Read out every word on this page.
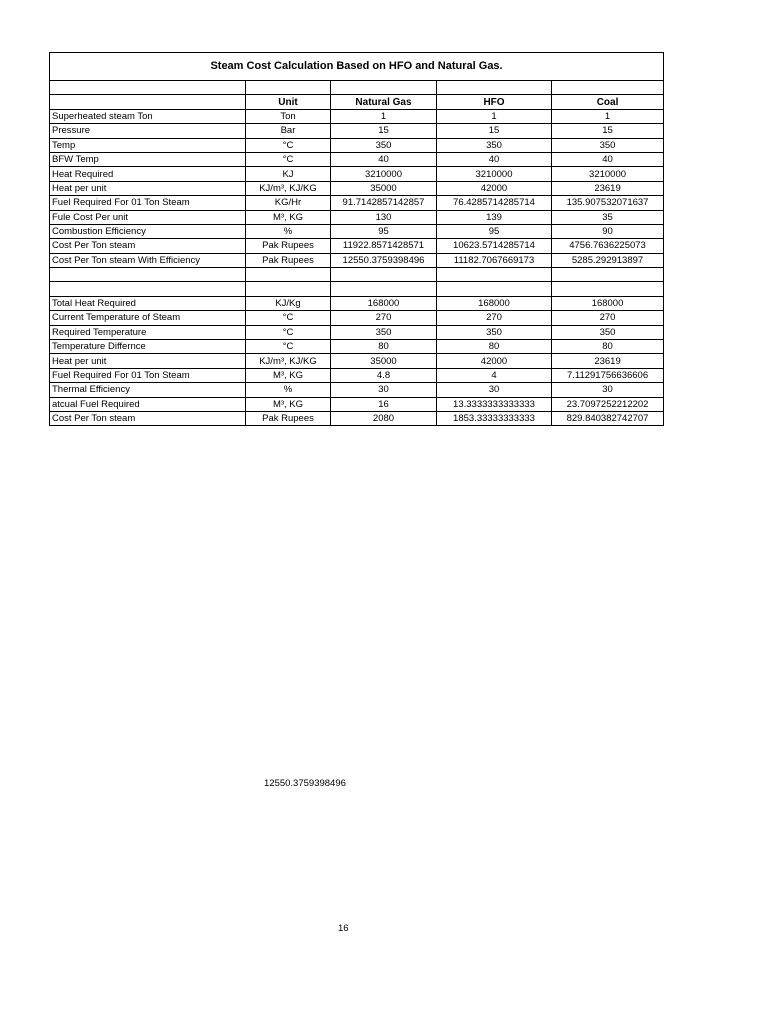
Steam Cost Calculation Based on HFO and Natural Gas.				

	Unit	Natural Gas	HFO	Coal
Superheated steam Ton	Ton	1	1	1
Pressure	Bar	15	15	15
Temp	°C	350	350	350
BFW Temp	°C	40	40	40
Heat Required	KJ	3210000	3210000	3210000
Heat per unit	KJ/m³, KJ/KG	35000	42000	23619
Fuel Required For 01 Ton Steam	KG/Hr	91.7142857142857	76.4285714285714	135.907532071637
Fule Cost Per unit	M³, KG	130	139	35
Combustion Efficiency	%	95	95	90
Cost Per Ton steam	Pak Rupees	11922.8571428571	10623.5714285714	4756.7636225073
Cost Per Ton steam With Efficiency	Pak Rupees	12550.3759398496	11182.7067669173	5285.292913897

Total Heat Required	KJ/Kg	168000	168000	168000
Current Temperature of Steam	°C	270	270	270
Required Temperature	°C	350	350	350
Temperature Differnce	°C	80	80	80
Heat per unit	KJ/m³, KJ/KG	35000	42000	23619
Fuel Required For 01 Ton Steam	M³, KG	4.8	4	7.11291756636606
Thermal Efficiency	%	30	30	30
atcual Fuel Required	M³, KG	16	13.3333333333333	23.7097252212202
Cost Per Ton steam	Pak Rupees	2080	1853.33333333333	829.840382742707
12550.3759398496
16
